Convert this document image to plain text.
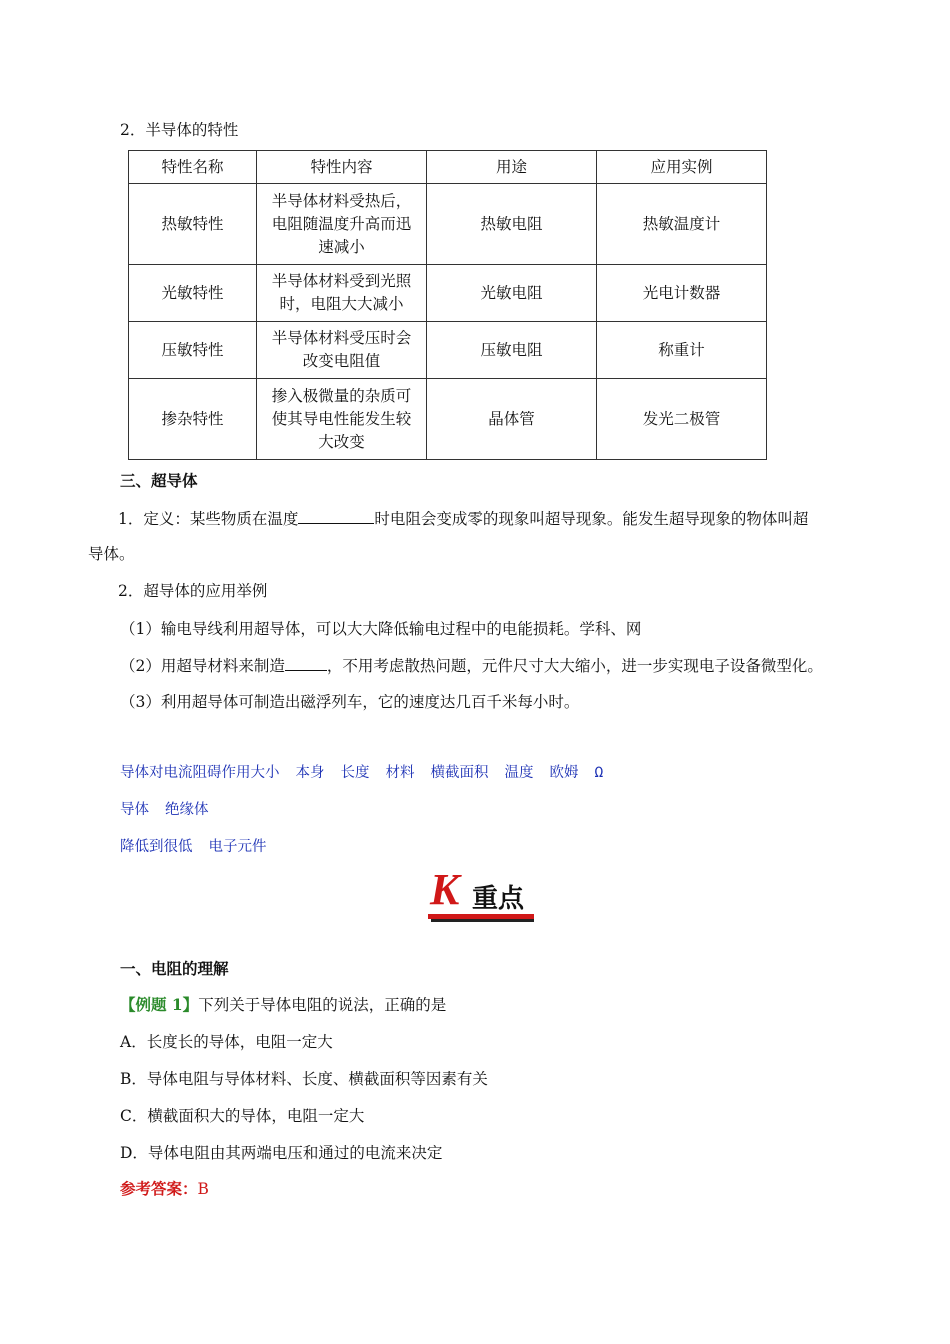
2．半导体的特性
特性名称	特性内容	用途	应用实例
热敏特性	半导体材料受热后，
电阻随温度升高而迅
速减小	热敏电阻	热敏温度计
光敏特性	半导体材料受到光照
时，电阻大大减小	光敏电阻	光电计数器
压敏特性	半导体材料受压时会
改变电阻值	压敏电阻	称重计
掺杂特性	掺入极微量的杂质可
使其导电性能发生较
大改变	晶体管	发光二极管
三、超导体
1．定义：某些物质在温度	时电阻会变成零的现象叫超导现象。能发生超导现象的物体叫超
导体。
2．超导体的应用举例
（1）输电导线利用超导体，可以大大降低输电过程中的电能损耗。学科、网
（2）用超导材料来制造	，不用考虑散热问题，元件尺寸大大缩小，进一步实现电子设备微型化。
（3）利用超导体可制造出磁浮列车，它的速度达几百千米每小时。
导体对电流阻碍作用大小 本身 长度 材料 横截面积 温度 欧姆 Ω
导体 绝缘体
降低到很低 电子元件
K 重点
一、电阻的理解
【例题 1】下列关于导体电阻的说法，正确的是
A．长度长的导体，电阻一定大
B．导体电阻与导体材料、长度、横截面积等因素有关
C．横截面积大的导体，电阻一定大
D．导体电阻由其两端电压和通过的电流来决定
参考答案：B
